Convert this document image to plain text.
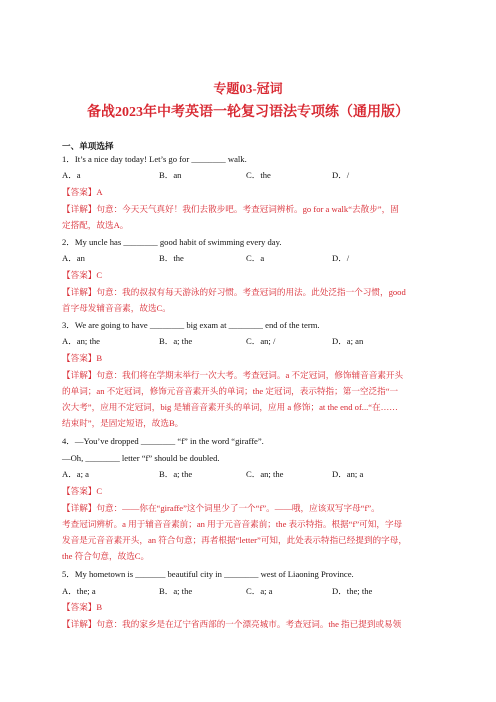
专题03-冠词
备战2023年中考英语一轮复习语法专项练（通用版）
一、单项选择
1．It’s a nice day today! Let’s go for ________ walk.
A．a	B．an	C．the	D．/
【答案】A
【详解】句意：今天天气真好！我们去散步吧。考查冠词辨析。go for a walk“去散步”，固
定搭配，故选A。
2．My uncle has ________ good habit of swimming every day.
A．an	B．the	C．a	D．/
【答案】C
【详解】句意：我的叔叔有每天游泳的好习惯。考查冠词的用法。此处泛指一个习惯，good
首字母发辅音音素，故选C。
3．We are going to have ________ big exam at ________ end of the term.
A．an; the	B．a; the	C．an; /	D．a; an
【答案】B
【详解】句意：我们将在学期末举行一次大考。考查冠词。a 不定冠词，修饰辅音音素开头
的单词；an 不定冠词，修饰元音音素开头的单词；the 定冠词，表示特指；第一空泛指“一
次大考”，应用不定冠词，big 是辅音音素开头的单词，应用 a 修饰；at the end of...“在……
结束时”，是固定短语，故选B。
4．—You’ve dropped ________ “f” in the word “giraffe”.
—Oh, ________ letter “f” should be doubled.
A．a; a	B．a; the	C．an; the	D．an; a
【答案】C
【详解】句意：——你在“giraffe”这个词里少了一个“f”。——哦，应该双写字母“f”。
考查冠词辨析。a 用于辅音音素前；an 用于元音音素前；the 表示特指。根据“f”可知，字母
发音是元音音素开头，an 符合句意；再者根据“letter”可知，此处表示特指已经提到的字母，
the 符合句意，故选C。
5．My hometown is _______ beautiful city in ________ west of Liaoning Province.
A．the; a	B．a; the	C．a; a	D．the; the
【答案】B
【详解】句意：我的家乡是在辽宁省西部的一个漂亮城市。考查冠词。the 指已提到或易领
